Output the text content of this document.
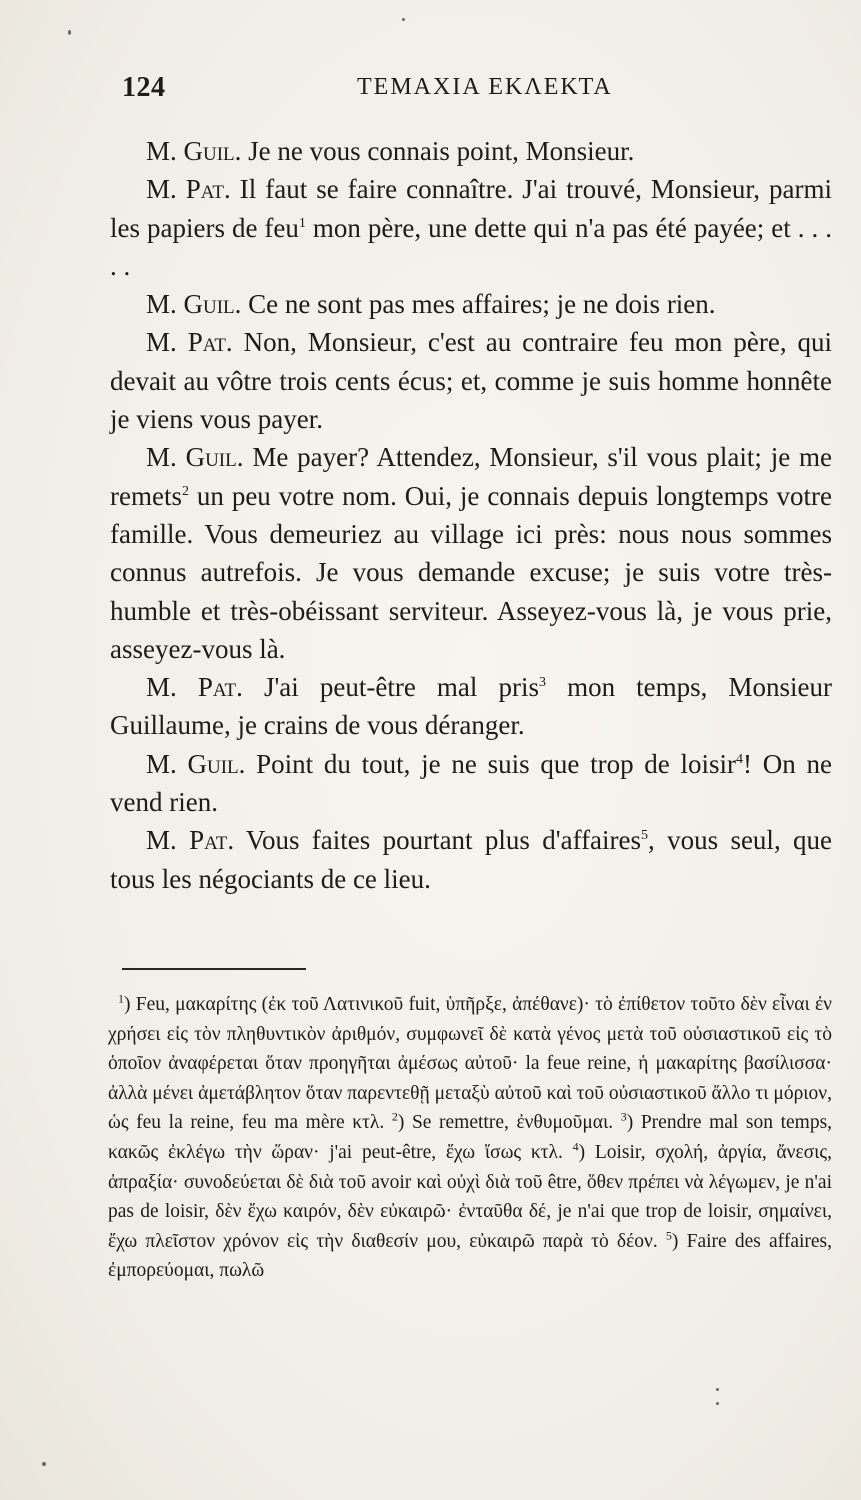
124	ΤΕΜΑΧΙΑ ΕΚΛΕΚΤΑ

M. Guil. Je ne vous connais point, Monsieur.

M. Pat. Il faut se faire connaître. J'ai trouvé, Monsieur, parmi les papiers de feu$^1$ mon père, une dette qui n'a pas été payée; et . . . . .

M. Guil. Ce ne sont pas mes affaires; je ne dois rien.

M. Pat. Non, Monsieur, c'est au contraire feu mon père, qui devait au vôtre trois cents écus; et, comme je suis homme honnête je viens vous payer.

M. Guil. Me payer? Attendez, Monsieur, s'il vous plait; je me remets$^2$ un peu votre nom. Oui, je connais depuis longtemps votre famille. Vous demeuriez au village ici près: nous nous sommes connus autrefois. Je vous demande excuse; je suis votre très-humble et très-obéissant serviteur. Asseyez-vous là, je vous prie, asseyez-vous là.

M. Pat. J'ai peut-être mal pris$^3$ mon temps, Monsieur Guillaume, je crains de vous déranger.

M. Guil. Point du tout, je ne suis que trop de loisir$^4$! On ne vend rien.

M. Pat. Vous faites pourtant plus d'affaires$^5$, vous seul, que tous les négociants de ce lieu.

$^1$) Feu, μακαρίτης (ἐκ τοῦ Λατινικοῦ fuit, ὑπῆρξε, ἀπέθανε)· τὸ ἐπίθετον τοῦτο δὲν εἶναι ἐν χρήσει εἰς τὸν πληθυντικὸν ἀριθμόν, συμφωνεῖ δὲ κατὰ γένος μετὰ τοῦ οὐσιαστικοῦ εἰς τὸ ὁποῖον ἀναφέρεται ὅταν προηγῆται ἀμέσως αὐτοῦ· la feue reine, ἡ μακαρίτης βασίλισσα· ἀλλὰ μένει ἀμετάβλητον ὅταν παρεντεθῇ μεταξὺ αὐτοῦ καὶ τοῦ οὐσιαστικοῦ ἄλλο τι μόριον, ὡς feu la reine, feu ma mère κτλ. $^2$) Se remettre, ἐνθυμοῦμαι. $^3$) Prendre mal son temps, κακῶς ἐκλέγω τὴν ὥραν· j'ai peut-être, ἔχω ἴσως κτλ. $^4$) Loisir, σχολή, ἀργία, ἄνεσις, ἀπραξία· συνοδεύεται δὲ διὰ τοῦ avoir καὶ οὐχὶ διὰ τοῦ être, ὅθεν πρέπει νὰ λέγωμεν, je n'ai pas de loisir, δὲν ἔχω καιρόν, δὲν εὐκαιρῶ· ἐνταῦθα δέ, je n'ai que trop de loisir, σημαίνει, ἔχω πλεῖστον χρόνον εἰς τὴν διαθεσίν μου, εὐκαιρῶ παρὰ τὸ δέον. $^5$) Faire des affaires, ἐμπορεύομαι, πωλῶ
